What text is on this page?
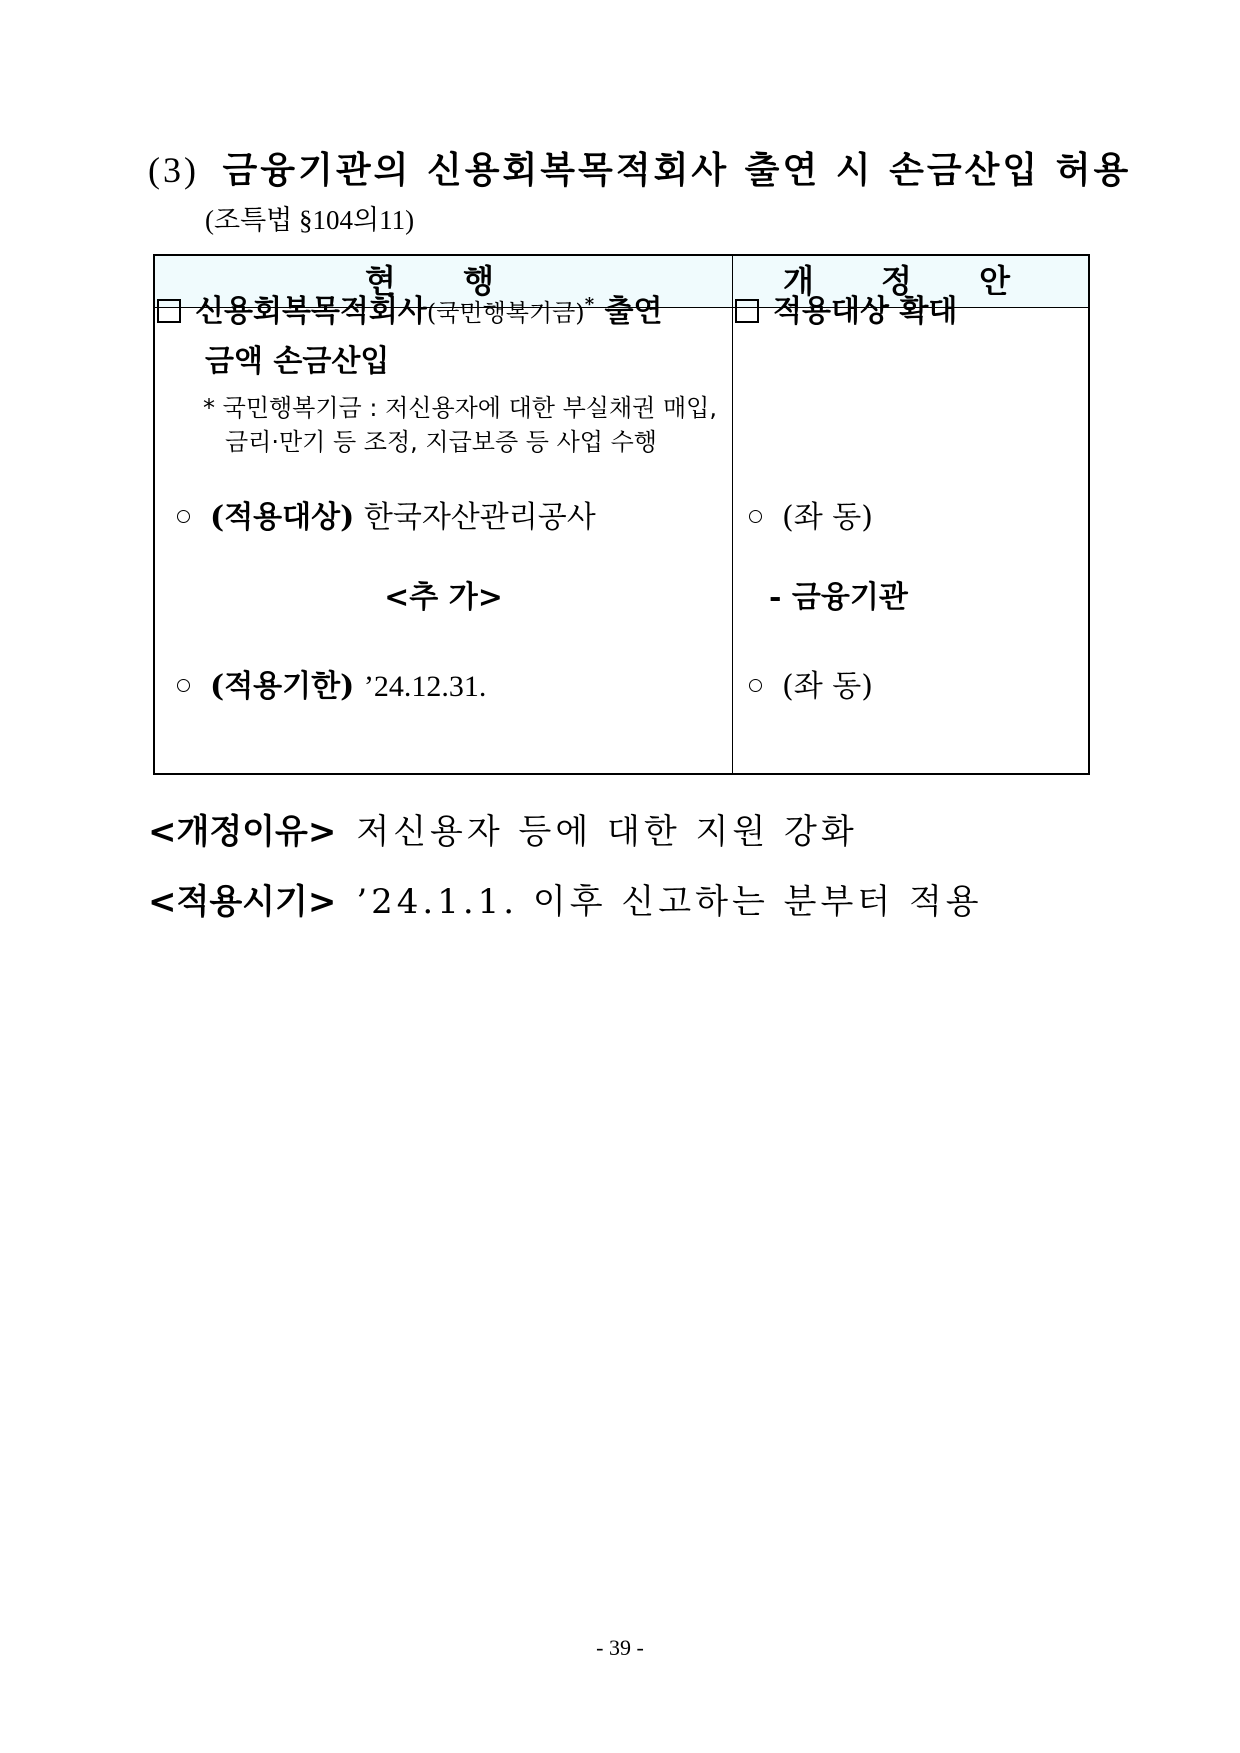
(3) 금융기관의 신용회복목적회사 출연 시 손금산입 허용
(조특법 §104의11)
현 행	개 정 안
신용회복목적회사(국민행복기금)* 출연
금액 손금산입
* 국민행복기금 : 저신용자에 대한 부실채권 매입,
금리·만기 등 조정, 지급보증 등 사업 수행
(적용대상) 한국자산관리공사
<추 가>
(적용기한) ’24.12.31.
적용대상 확대
(좌 동)
- 금융기관
(좌 동)
<개정이유> 저신용자 등에 대한 지원 강화
<적용시기> ’24.1.1. 이후 신고하는 분부터 적용
- 39 -
